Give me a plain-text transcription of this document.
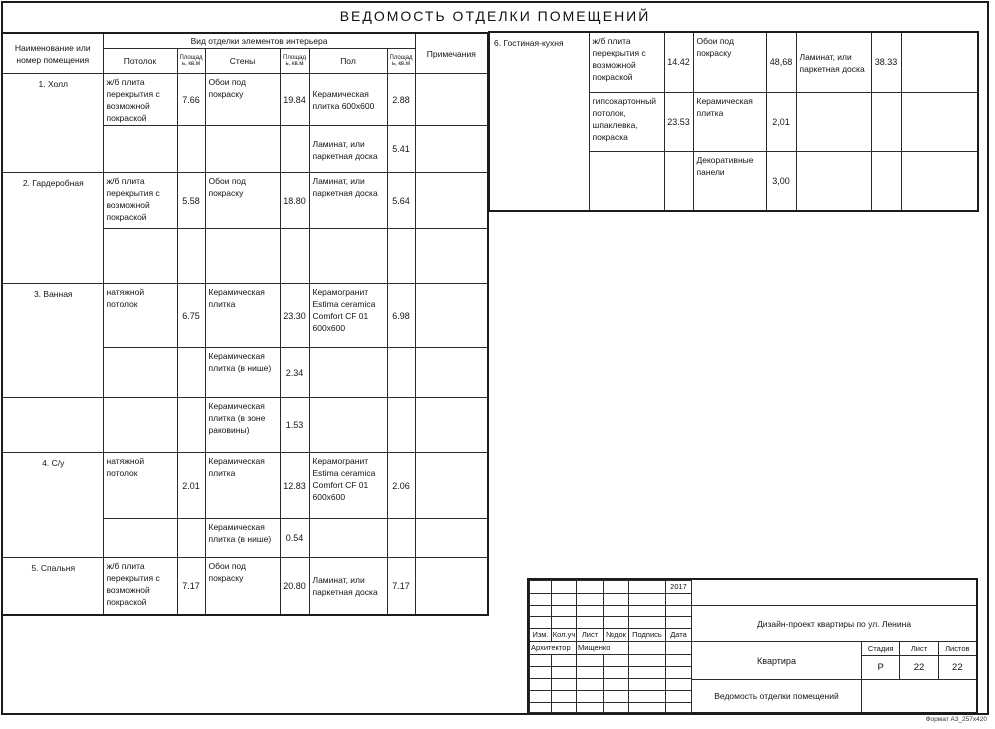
ВЕДОМОСТЬ ОТДЕЛКИ ПОМЕЩЕНИЙ
Наименование или номер помещения	Вид отделки элементов интерьера						Примечания
	Потолок	Площадь, кв.м	Стены	Площадь, кв.м	Пол	Площадь, кв.м	
1. Холл	ж/б плита перекрытия с возможной покраской	7.66	Обои под покраску	19.84	Керамическая плитка 600х600	2.88	
					Ламинат, или паркетная доска	5.41	
2. Гардеробная	ж/б плита перекрытия с возможной покраской	5.58	Обои под покраску	18.80	Ламинат, или паркетная доска	5.64	

3. Ванная	натяжной потолок	6.75	Керамическая плитка	23.30	Керамогранит Estima ceramica Comfort CF 01 600х600	6.98	
			Керамическая плитка (в нише)	2.34			
			Керамическая плитка (в зоне раковины)	1.53			
4. С/у	натяжной потолок	2.01	Керамическая плитка	12.83	Керамогранит Estima ceramica Comfort CF 01 600х600	2.06	
			Керамическая плитка (в нише)	0.54			
5. Спальня	ж/б плита перекрытия с возможной покраской	7.17	Обои под покраску	20.80	Ламинат, или паркетная доска	7.17	
6. Гостиная-кухня	ж/б плита перекрытия с возможной покраской	14.42	Обои под покраску	48,68	Ламинат, или паркетная доска	38.33	
	гипсокартонный потолок, шпаклевка, покраска	23.53	Керамическая плитка	2,01			
			Декоративные панели	3,00			
					2017

Изм.	Кол.уч	Лист	№док	Подпись	Дата
Архитектор		Мищенко			

Дизайн-проект квартиры по ул. Ленина
Квартира
Стадия	Лист	Листов
Р	22	22
Ведомость отделки помещений
Формат А3_257х420
